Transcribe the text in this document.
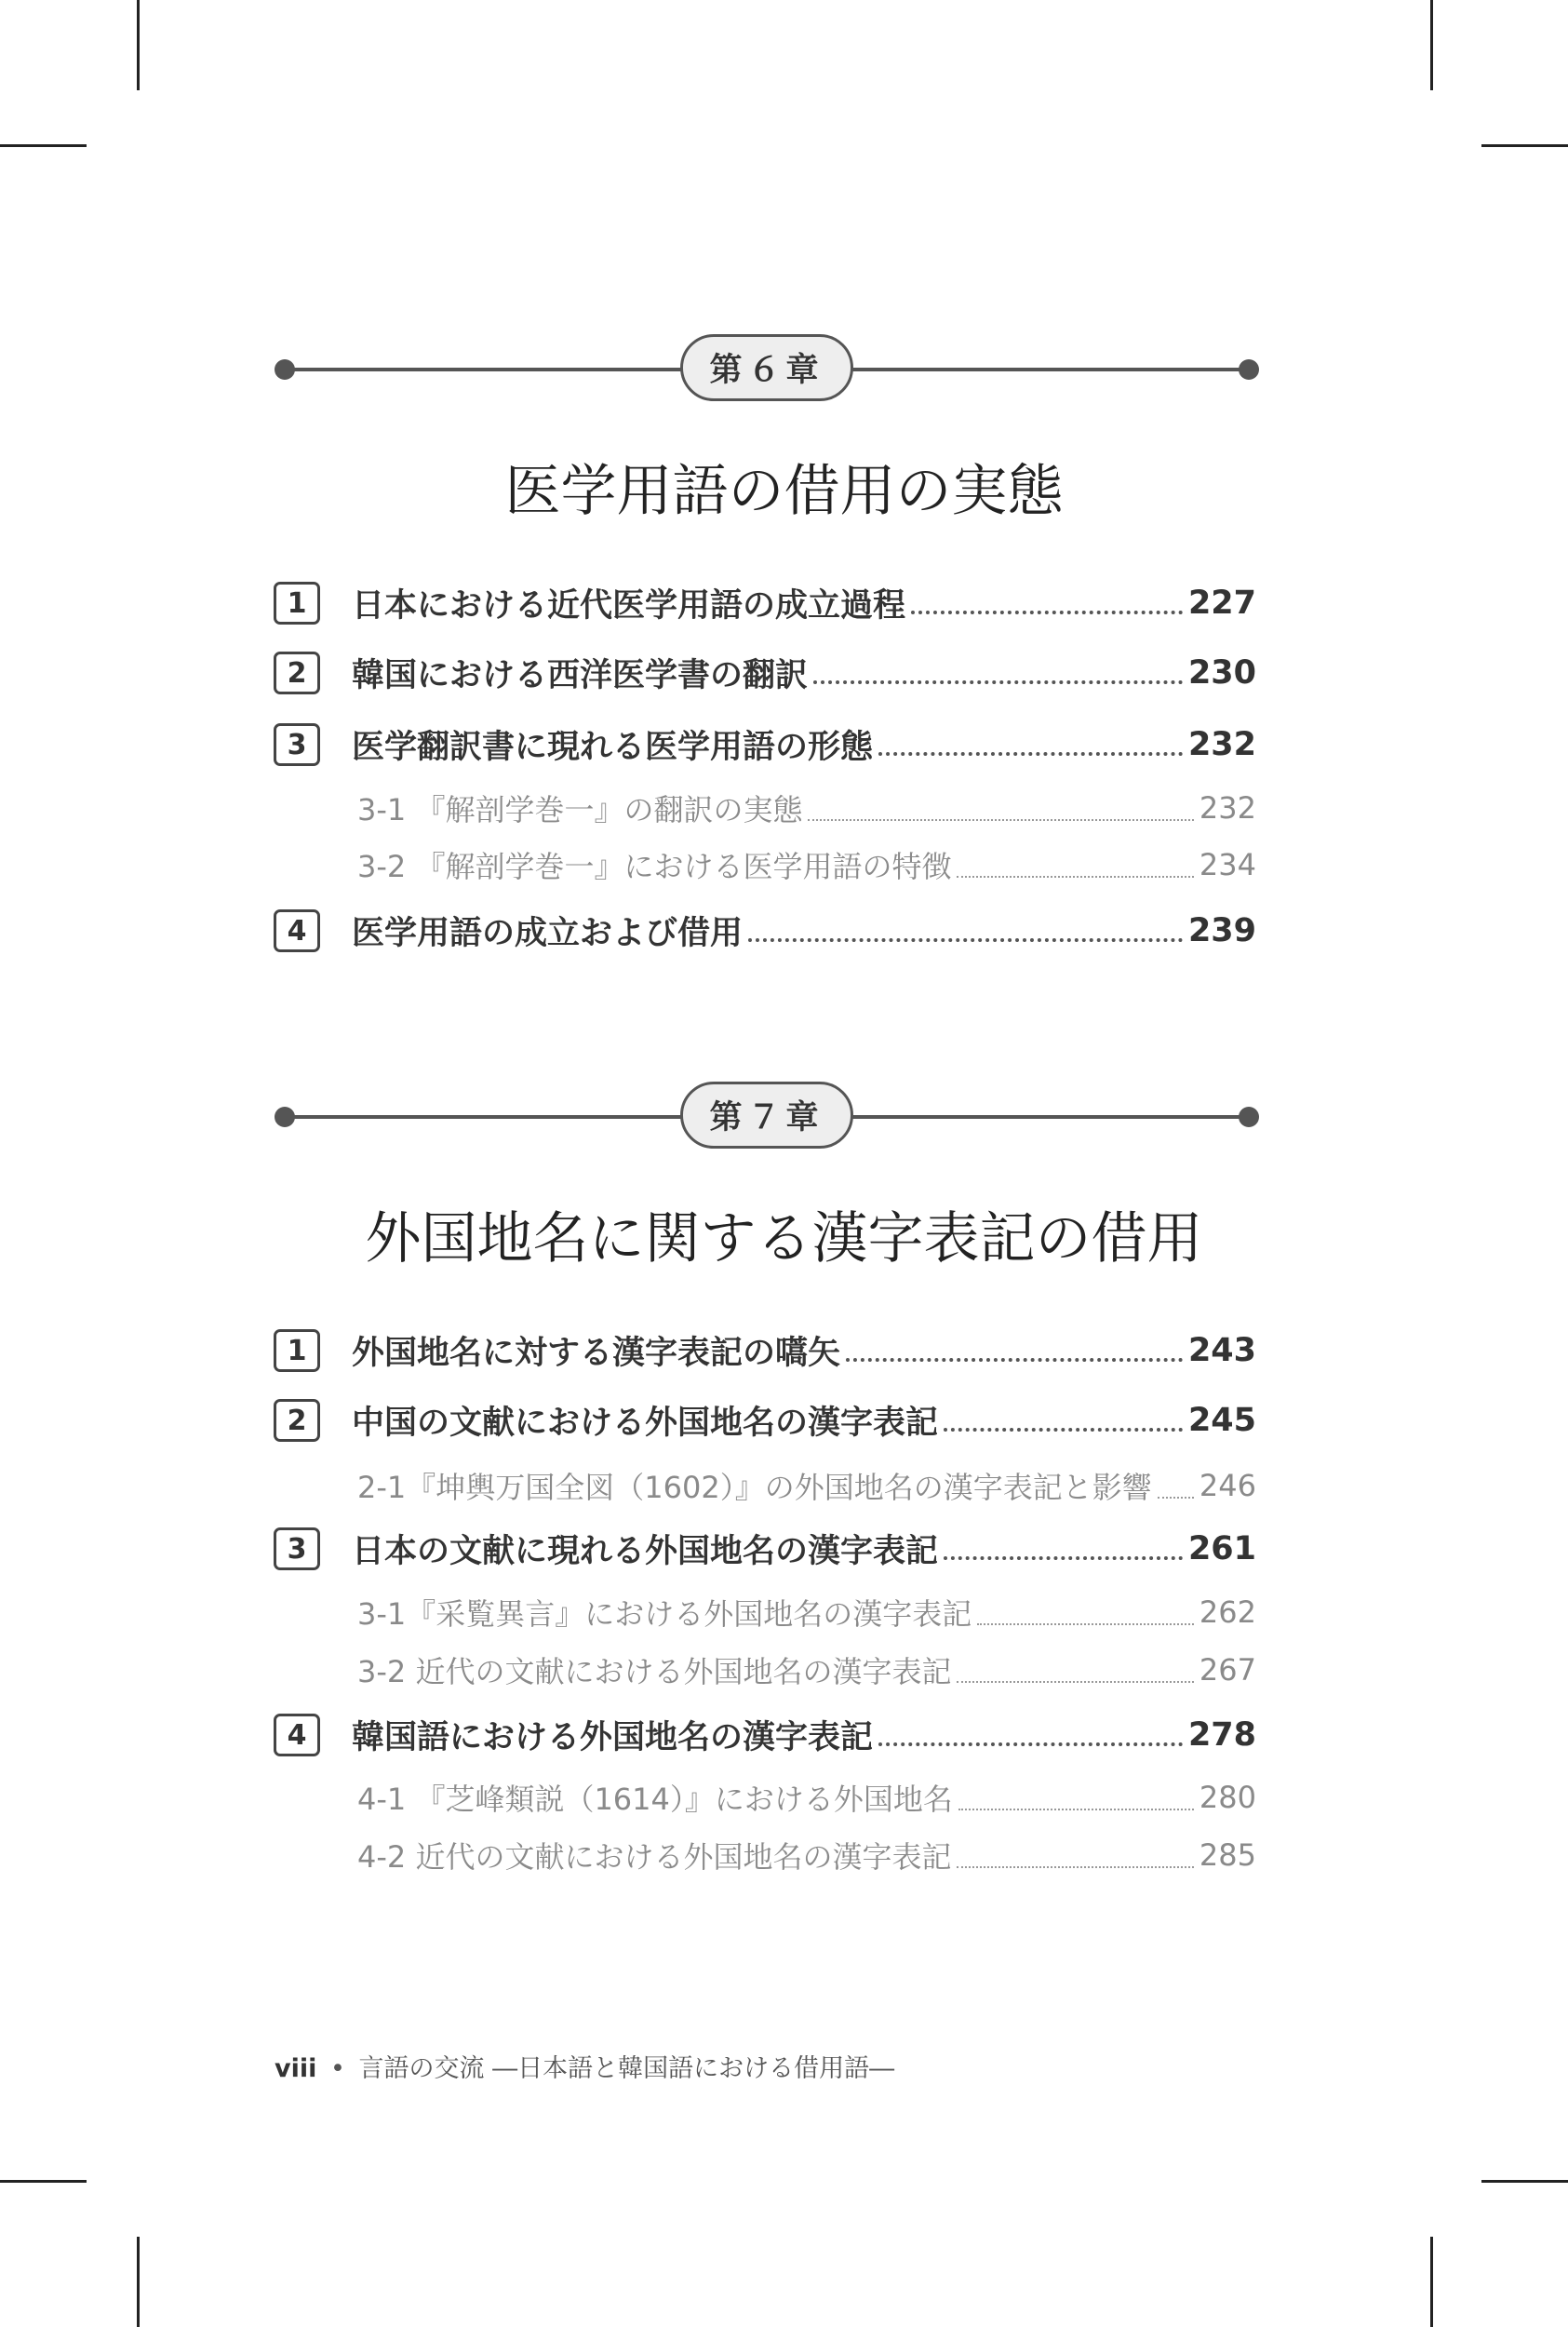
第６章
医学用語の借用の実態
1	日本における近代医学用語の成立過程	227
2	韓国における西洋医学書の翻訳	230
3	医学翻訳書に現れる医学用語の形態	232
3-1 『解剖学巻一』の翻訳の実態	232
3-2 『解剖学巻一』における医学用語の特徴	234
4	医学用語の成立および借用	239
第７章
外国地名に関する漢字表記の借用
1	外国地名に対する漢字表記の嚆矢	243
2	中国の文献における外国地名の漢字表記	245
2-1『坤輿万国全図（1602）』の外国地名の漢字表記と影響 246
3	日本の文献に現れる外国地名の漢字表記	261
3-1『采覧異言』における外国地名の漢字表記	262
3-2 近代の文献における外国地名の漢字表記	267
4	韓国語における外国地名の漢字表記	278
4-1 『芝峰類説（1614）』における外国地名	280
4-2 近代の文献における外国地名の漢字表記	285
viii • 言語の交流 ―日本語と韓国語における借用語―
